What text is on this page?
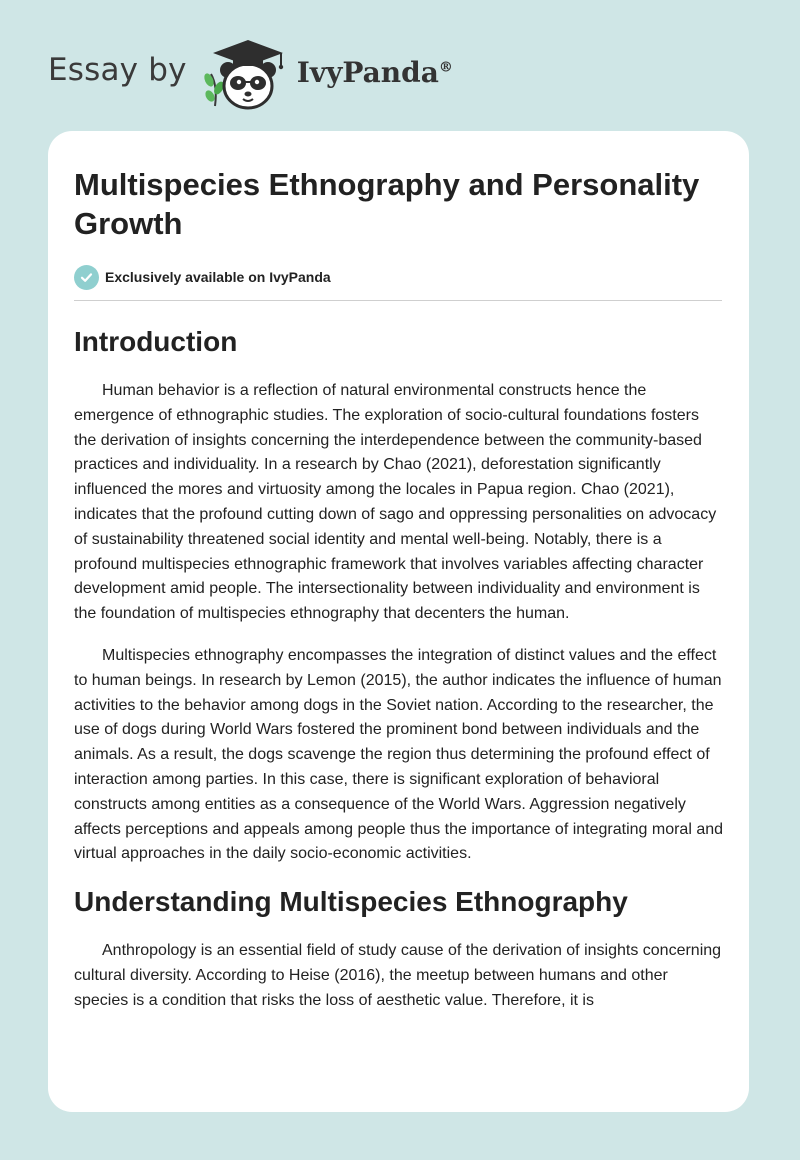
Essay by	IvyPanda®
Multispecies Ethnography and Personality Growth
Exclusively available on IvyPanda
Introduction

Human behavior is a reflection of natural environmental constructs hence the emergence of ethnographic studies. The exploration of socio-cultural foundations fosters the derivation of insights concerning the interdependence between the community-based practices and individuality. In a research by Chao (2021), deforestation significantly influenced the mores and virtuosity among the locales in Papua region. Chao (2021), indicates that the profound cutting down of sago and oppressing personalities on advocacy of sustainability threatened social identity and mental well-being. Notably, there is a profound multispecies ethnographic framework that involves variables affecting character development amid people. The intersectionality between individuality and environment is the foundation of multispecies ethnography that decenters the human.

Multispecies ethnography encompasses the integration of distinct values and the effect to human beings. In research by Lemon (2015), the author indicates the influence of human activities to the behavior among dogs in the Soviet nation. According to the researcher, the use of dogs during World Wars fostered the prominent bond between individuals and the animals. As a result, the dogs scavenge the region thus determining the profound effect of interaction among parties. In this case, there is significant exploration of behavioral constructs among entities as a consequence of the World Wars. Aggression negatively affects perceptions and appeals among people thus the importance of integrating moral and virtual approaches in the daily socio-economic activities.

Understanding Multispecies Ethnography

Anthropology is an essential field of study cause of the derivation of insights concerning cultural diversity. According to Heise (2016), the meetup between humans and other species is a condition that risks the loss of aesthetic value. Therefore, it is
